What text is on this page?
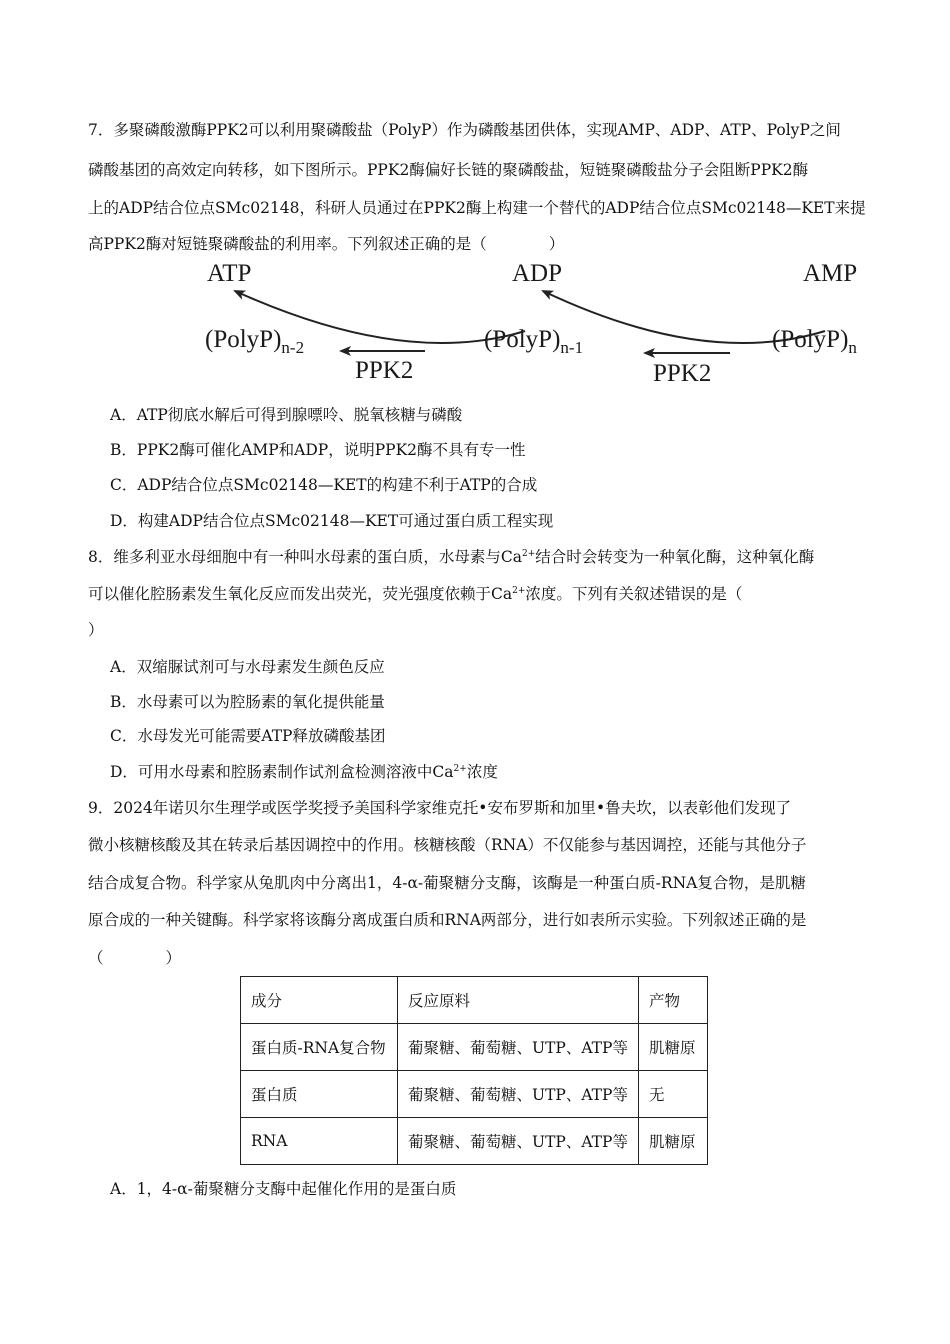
7．多聚磷酸激酶PPK2可以利用聚磷酸盐（PolyP）作为磷酸基团供体，实现AMP、ADP、ATP、PolyP之间
磷酸基团的高效定向转移，如下图所示。PPK2酶偏好长链的聚磷酸盐，短链聚磷酸盐分子会阻断PPK2酶
上的ADP结合位点SMc02148，科研人员通过在PPK2酶上构建一个替代的ADP结合位点SMc02148—KET来提
高PPK2酶对短链聚磷酸盐的利用率。下列叙述正确的是（　　　　）
ATP	ADP	AMP
$(PolyP)_{n-2}$	$(PolyP)_{n-1}$	$(PolyP)_n$
PPK2	PPK2
A．ATP彻底水解后可得到腺嘌呤、脱氧核糖与磷酸
B．PPK2酶可催化AMP和ADP，说明PPK2酶不具有专一性
C．ADP结合位点SMc02148—KET的构建不利于ATP的合成
D．构建ADP结合位点SMc02148—KET可通过蛋白质工程实现
8．维多利亚水母细胞中有一种叫水母素的蛋白质，水母素与$Ca^{2+}$结合时会转变为一种氧化酶，这种氧化酶
可以催化腔肠素发生氧化反应而发出荧光，荧光强度依赖于$Ca^{2+}$浓度。下列有关叙述错误的是（
）
A．双缩脲试剂可与水母素发生颜色反应
B．水母素可以为腔肠素的氧化提供能量
C．水母发光可能需要ATP释放磷酸基团
D．可用水母素和腔肠素制作试剂盒检测溶液中$Ca^{2+}$浓度
9．2024年诺贝尔生理学或医学奖授予美国科学家维克托•安布罗斯和加里•鲁夫坎，以表彰他们发现了
微小核糖核酸及其在转录后基因调控中的作用。核糖核酸（RNA）不仅能参与基因调控，还能与其他分子
结合成复合物。科学家从兔肌肉中分离出1，4-α-葡聚糖分支酶，该酶是一种蛋白质-RNA复合物，是肌糖
原合成的一种关键酶。科学家将该酶分离成蛋白质和RNA两部分，进行如表所示实验。下列叙述正确的是
（　　　　）
成分	反应原料	产物
蛋白质-RNA复合物	葡聚糖、葡萄糖、UTP、ATP等	肌糖原
蛋白质	葡聚糖、葡萄糖、UTP、ATP等	无
RNA	葡聚糖、葡萄糖、UTP、ATP等	肌糖原
A．1，4-α-葡聚糖分支酶中起催化作用的是蛋白质
